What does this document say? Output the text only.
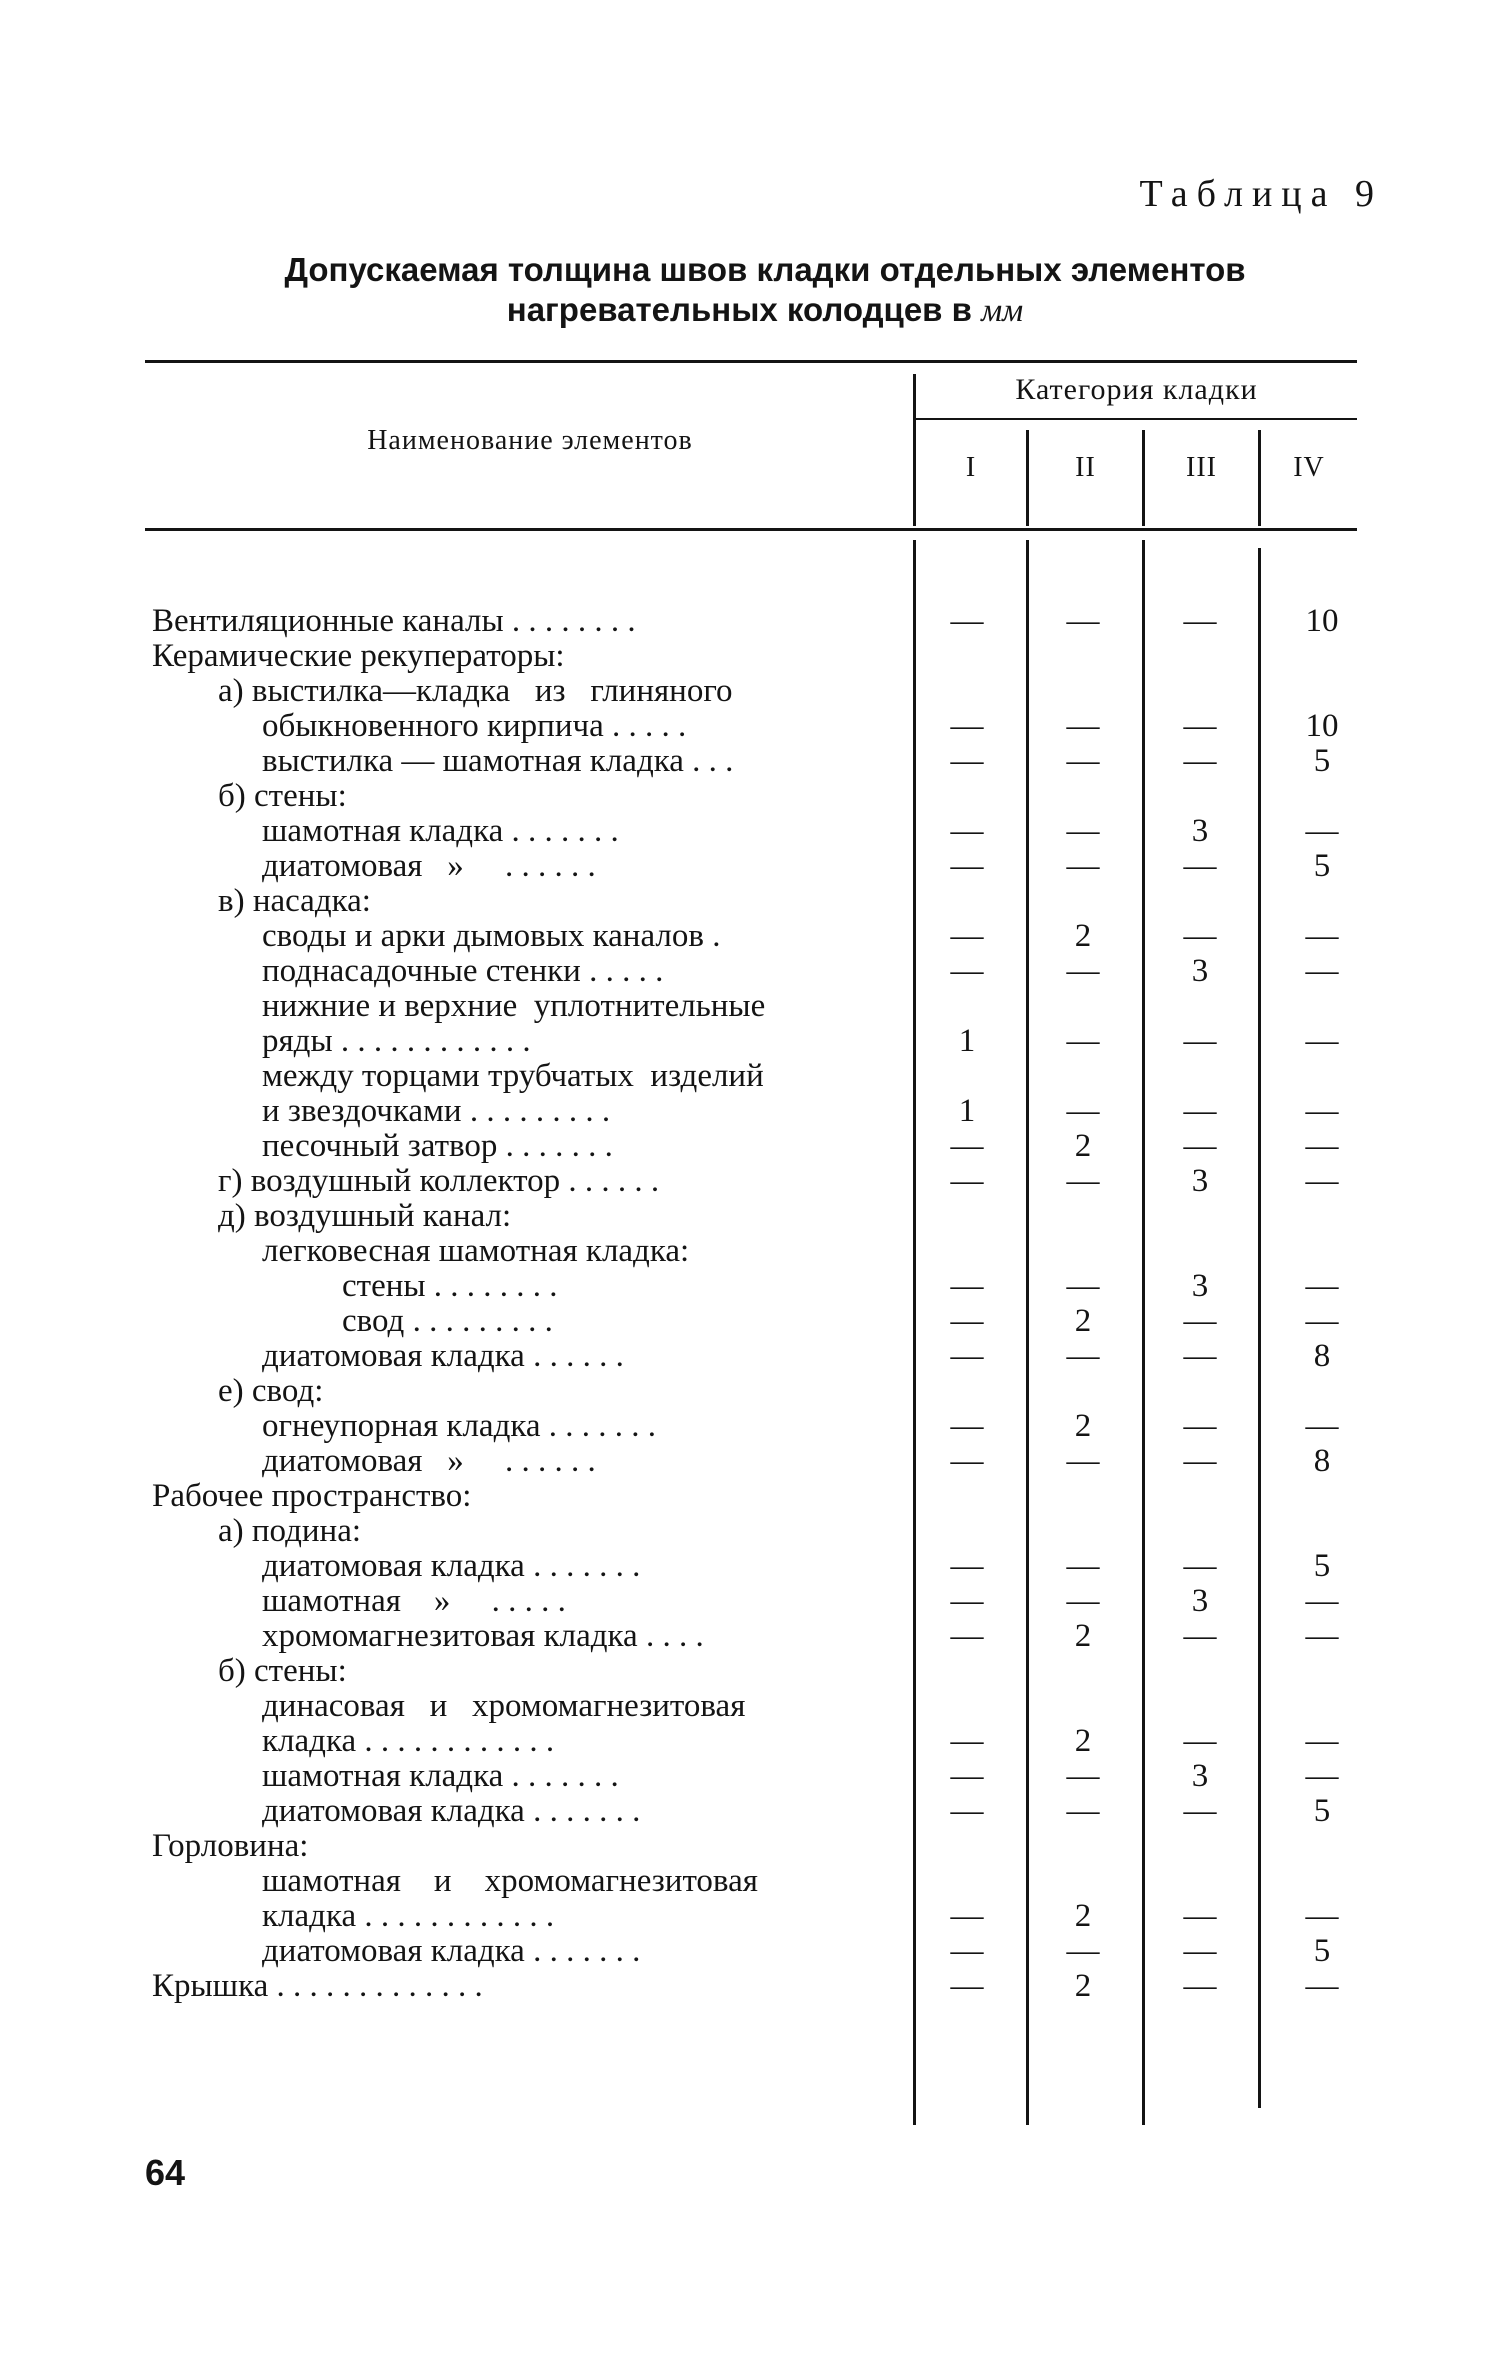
Таблица 9
Допускаемая толщина швов кладки отдельных элементов
нагревательных колодцев в мм
Наименование элементов
Категория кладки
I	II	III	IV
Вентиляционные каналы . . . . . . . .	—	—	—	10
Керамические рекуператоры:
а) выстилка—кладка   из   глиняного
обыкновенного кирпича . . . . .	—	—	—	10
выстилка — шамотная кладка . . .	—	—	—	5
б) стены:
шамотная кладка . . . . . . .	—	—	3	—
диатомовая   »     . . . . . .	—	—	—	5
в) насадка:
своды и арки дымовых каналов .	—	2	—	—
поднасадочные стенки . . . . .	—	—	3	—
нижние и верхние  уплотнительные
ряды . . . . . . . . . . . .	1	—	—	—
между торцами трубчатых  изделий
и звездочками . . . . . . . . .	1	—	—	—
песочный затвор . . . . . . .	—	2	—	—
г) воздушный коллектор . . . . . .	—	—	3	—
д) воздушный канал:
легковесная шамотная кладка:
стены . . . . . . . .	—	—	3	—
свод . . . . . . . . .	—	2	—	—
диатомовая кладка . . . . . .	—	—	—	8
е) свод:
огнеупорная кладка . . . . . . .	—	2	—	—
диатомовая   »     . . . . . .	—	—	—	8
Рабочее пространство:
а) подина:
диатомовая кладка . . . . . . .	—	—	—	5
шамотная    »     . . . . .	—	—	3	—
хромомагнезитовая кладка . . . .	—	2	—	—
б) стены:
динасовая   и   хромомагнезитовая
кладка . . . . . . . . . . . .	—	2	—	—
шамотная кладка . . . . . . .	—	—	3	—
диатомовая кладка . . . . . . .	—	—	—	5
Горловина:
шамотная    и    хромомагнезитовая
кладка . . . . . . . . . . . .	—	2	—	—
диатомовая кладка . . . . . . .	—	—	—	5
Крышка . . . . . . . . . . . . .	—	2	—	—
64
